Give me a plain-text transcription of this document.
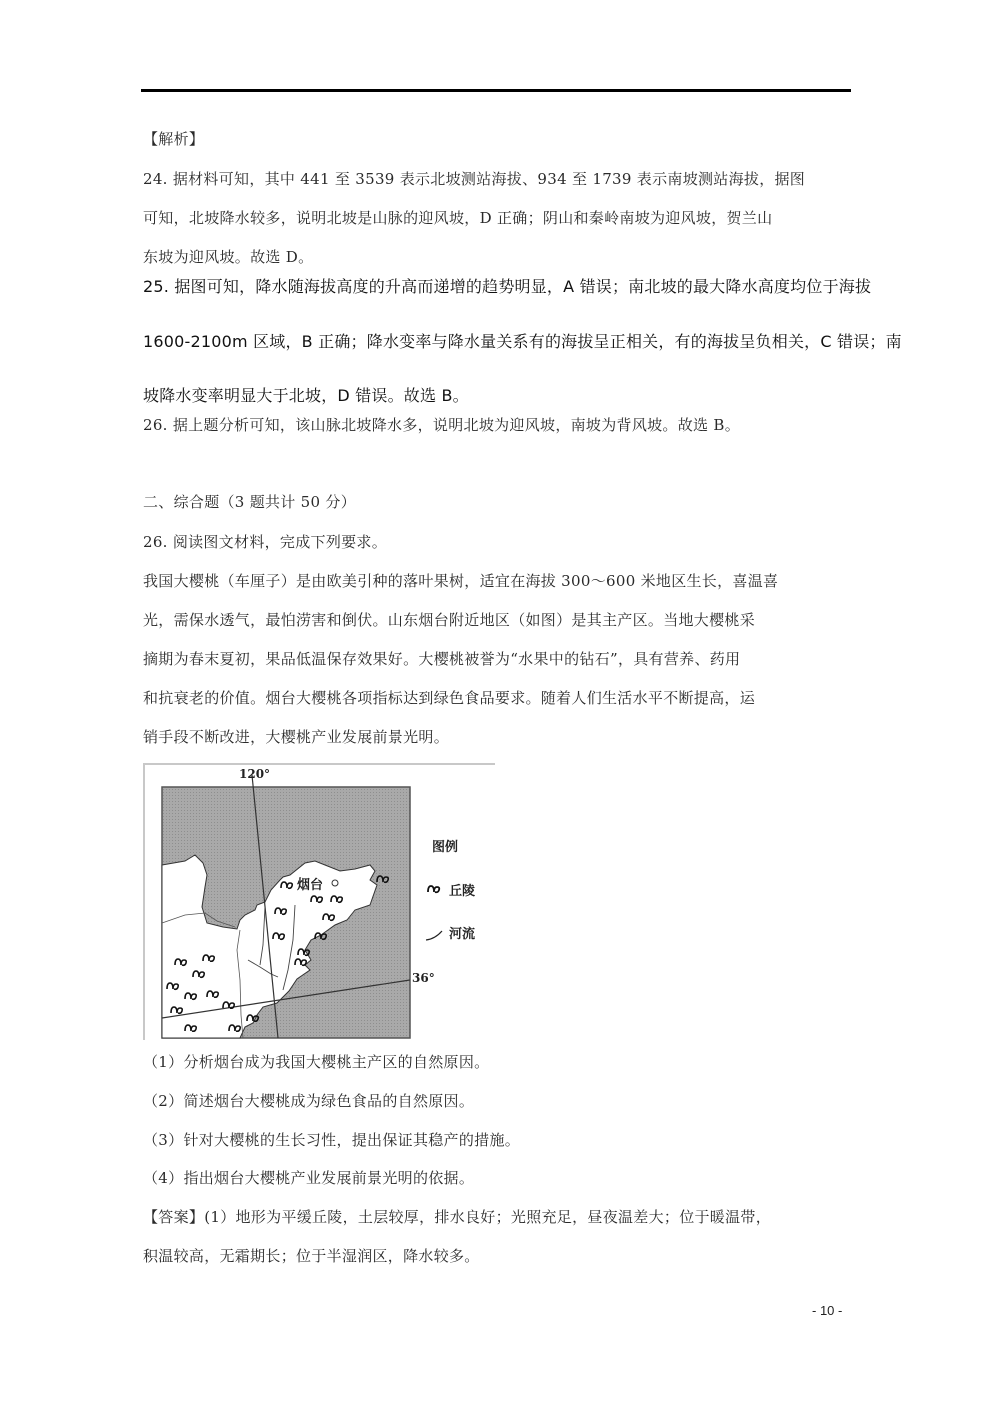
【解析】
24. 据材料可知，其中 441 至 3539 表示北坡测站海拔、934 至 1739 表示南坡测站海拔，据图
可知，北坡降水较多，说明北坡是山脉的迎风坡，D 正确；阴山和秦岭南坡为迎风坡，贺兰山
东坡为迎风坡。故选 D。
25. 据图可知，降水随海拔高度的升高而递增的趋势明显，A 错误；南北坡的最大降水高度均位于海拔
1600-2100m 区域，B 正确；降水变率与降水量关系有的海拔呈正相关，有的海拔呈负相关，C 错误；南
坡降水变率明显大于北坡，D 错误。故选 B。
26. 据上题分析可知，该山脉北坡降水多，说明北坡为迎风坡，南坡为背风坡。故选 B。
二、综合题（3 题共计 50 分）
26. 阅读图文材料，完成下列要求。
我国大樱桃（车厘子）是由欧美引种的落叶果树，适宜在海拔 300～600 米地区生长，喜温喜
光，需保水透气，最怕涝害和倒伏。山东烟台附近地区（如图）是其主产区。当地大樱桃采
摘期为春末夏初，果品低温保存效果好。大樱桃被誉为“水果中的钻石”，具有营养、药用
和抗衰老的价值。烟台大樱桃各项指标达到绿色食品要求。随着人们生活水平不断提高，运
销手段不断改进，大樱桃产业发展前景光明。
烟台
120°
36°
图例
丘陵
河流
（1）分析烟台成为我国大樱桃主产区的自然原因。
（2）简述烟台大樱桃成为绿色食品的自然原因。
（3）针对大樱桃的生长习性，提出保证其稳产的措施。
（4）指出烟台大樱桃产业发展前景光明的依据。
【答案】(1）地形为平缓丘陵，土层较厚，排水良好；光照充足，昼夜温差大；位于暖温带，
积温较高，无霜期长；位于半湿润区，降水较多。
- 10 -
